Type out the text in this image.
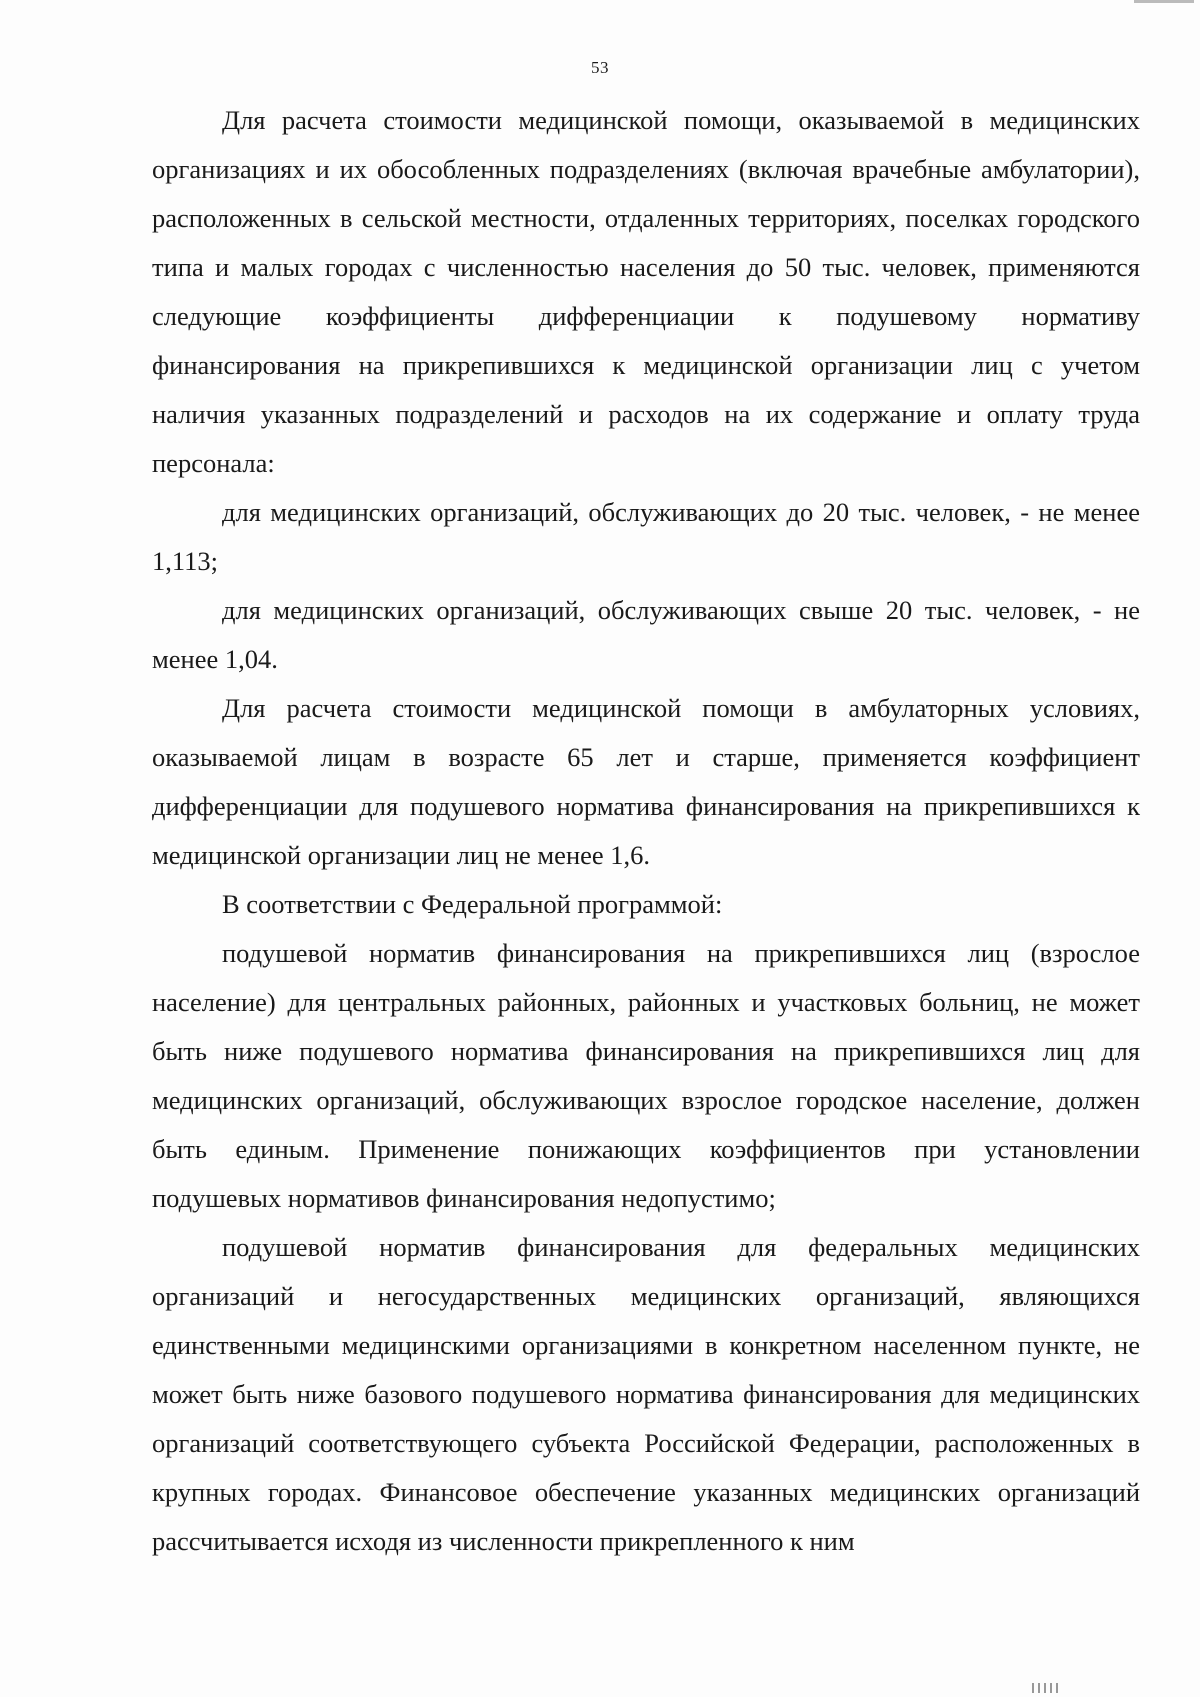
53

Для расчета стоимости медицинской помощи, оказываемой в медицинских организациях и их обособленных подразделениях (включая врачебные амбулатории), расположенных в сельской местности, отдаленных территориях, поселках городского типа и малых городах с численностью населения до 50 тыс. человек, применяются следующие коэффициенты дифференциации к подушевому нормативу финансирования на прикрепившихся к медицинской организации лиц с учетом наличия указанных подразделений и расходов на их содержание и оплату труда персонала:

для медицинских организаций, обслуживающих до 20 тыс. человек, - не менее 1,113;

для медицинских организаций, обслуживающих свыше 20 тыс. человек, - не менее 1,04.

Для расчета стоимости медицинской помощи в амбулаторных условиях, оказываемой лицам в возрасте 65 лет и старше, применяется коэффициент дифференциации для подушевого норматива финансирования на прикрепившихся к медицинской организации лиц не менее 1,6.

В соответствии с Федеральной программой:

подушевой норматив финансирования на прикрепившихся лиц (взрослое население) для центральных районных, районных и участковых больниц, не может быть ниже подушевого норматива финансирования на прикрепившихся лиц для медицинских организаций, обслуживающих взрослое городское население, должен быть единым. Применение понижающих коэффициентов при установлении подушевых нормативов финансирования недопустимо;

подушевой норматив финансирования для федеральных медицинских организаций и негосударственных медицинских организаций, являющихся единственными медицинскими организациями в конкретном населенном пункте, не может быть ниже базового подушевого норматива финансирования для медицинских организаций соответствующего субъекта Российской Федерации, расположенных в крупных городах. Финансовое обеспечение указанных медицинских организаций рассчитывается исходя из численности прикрепленного к ним
